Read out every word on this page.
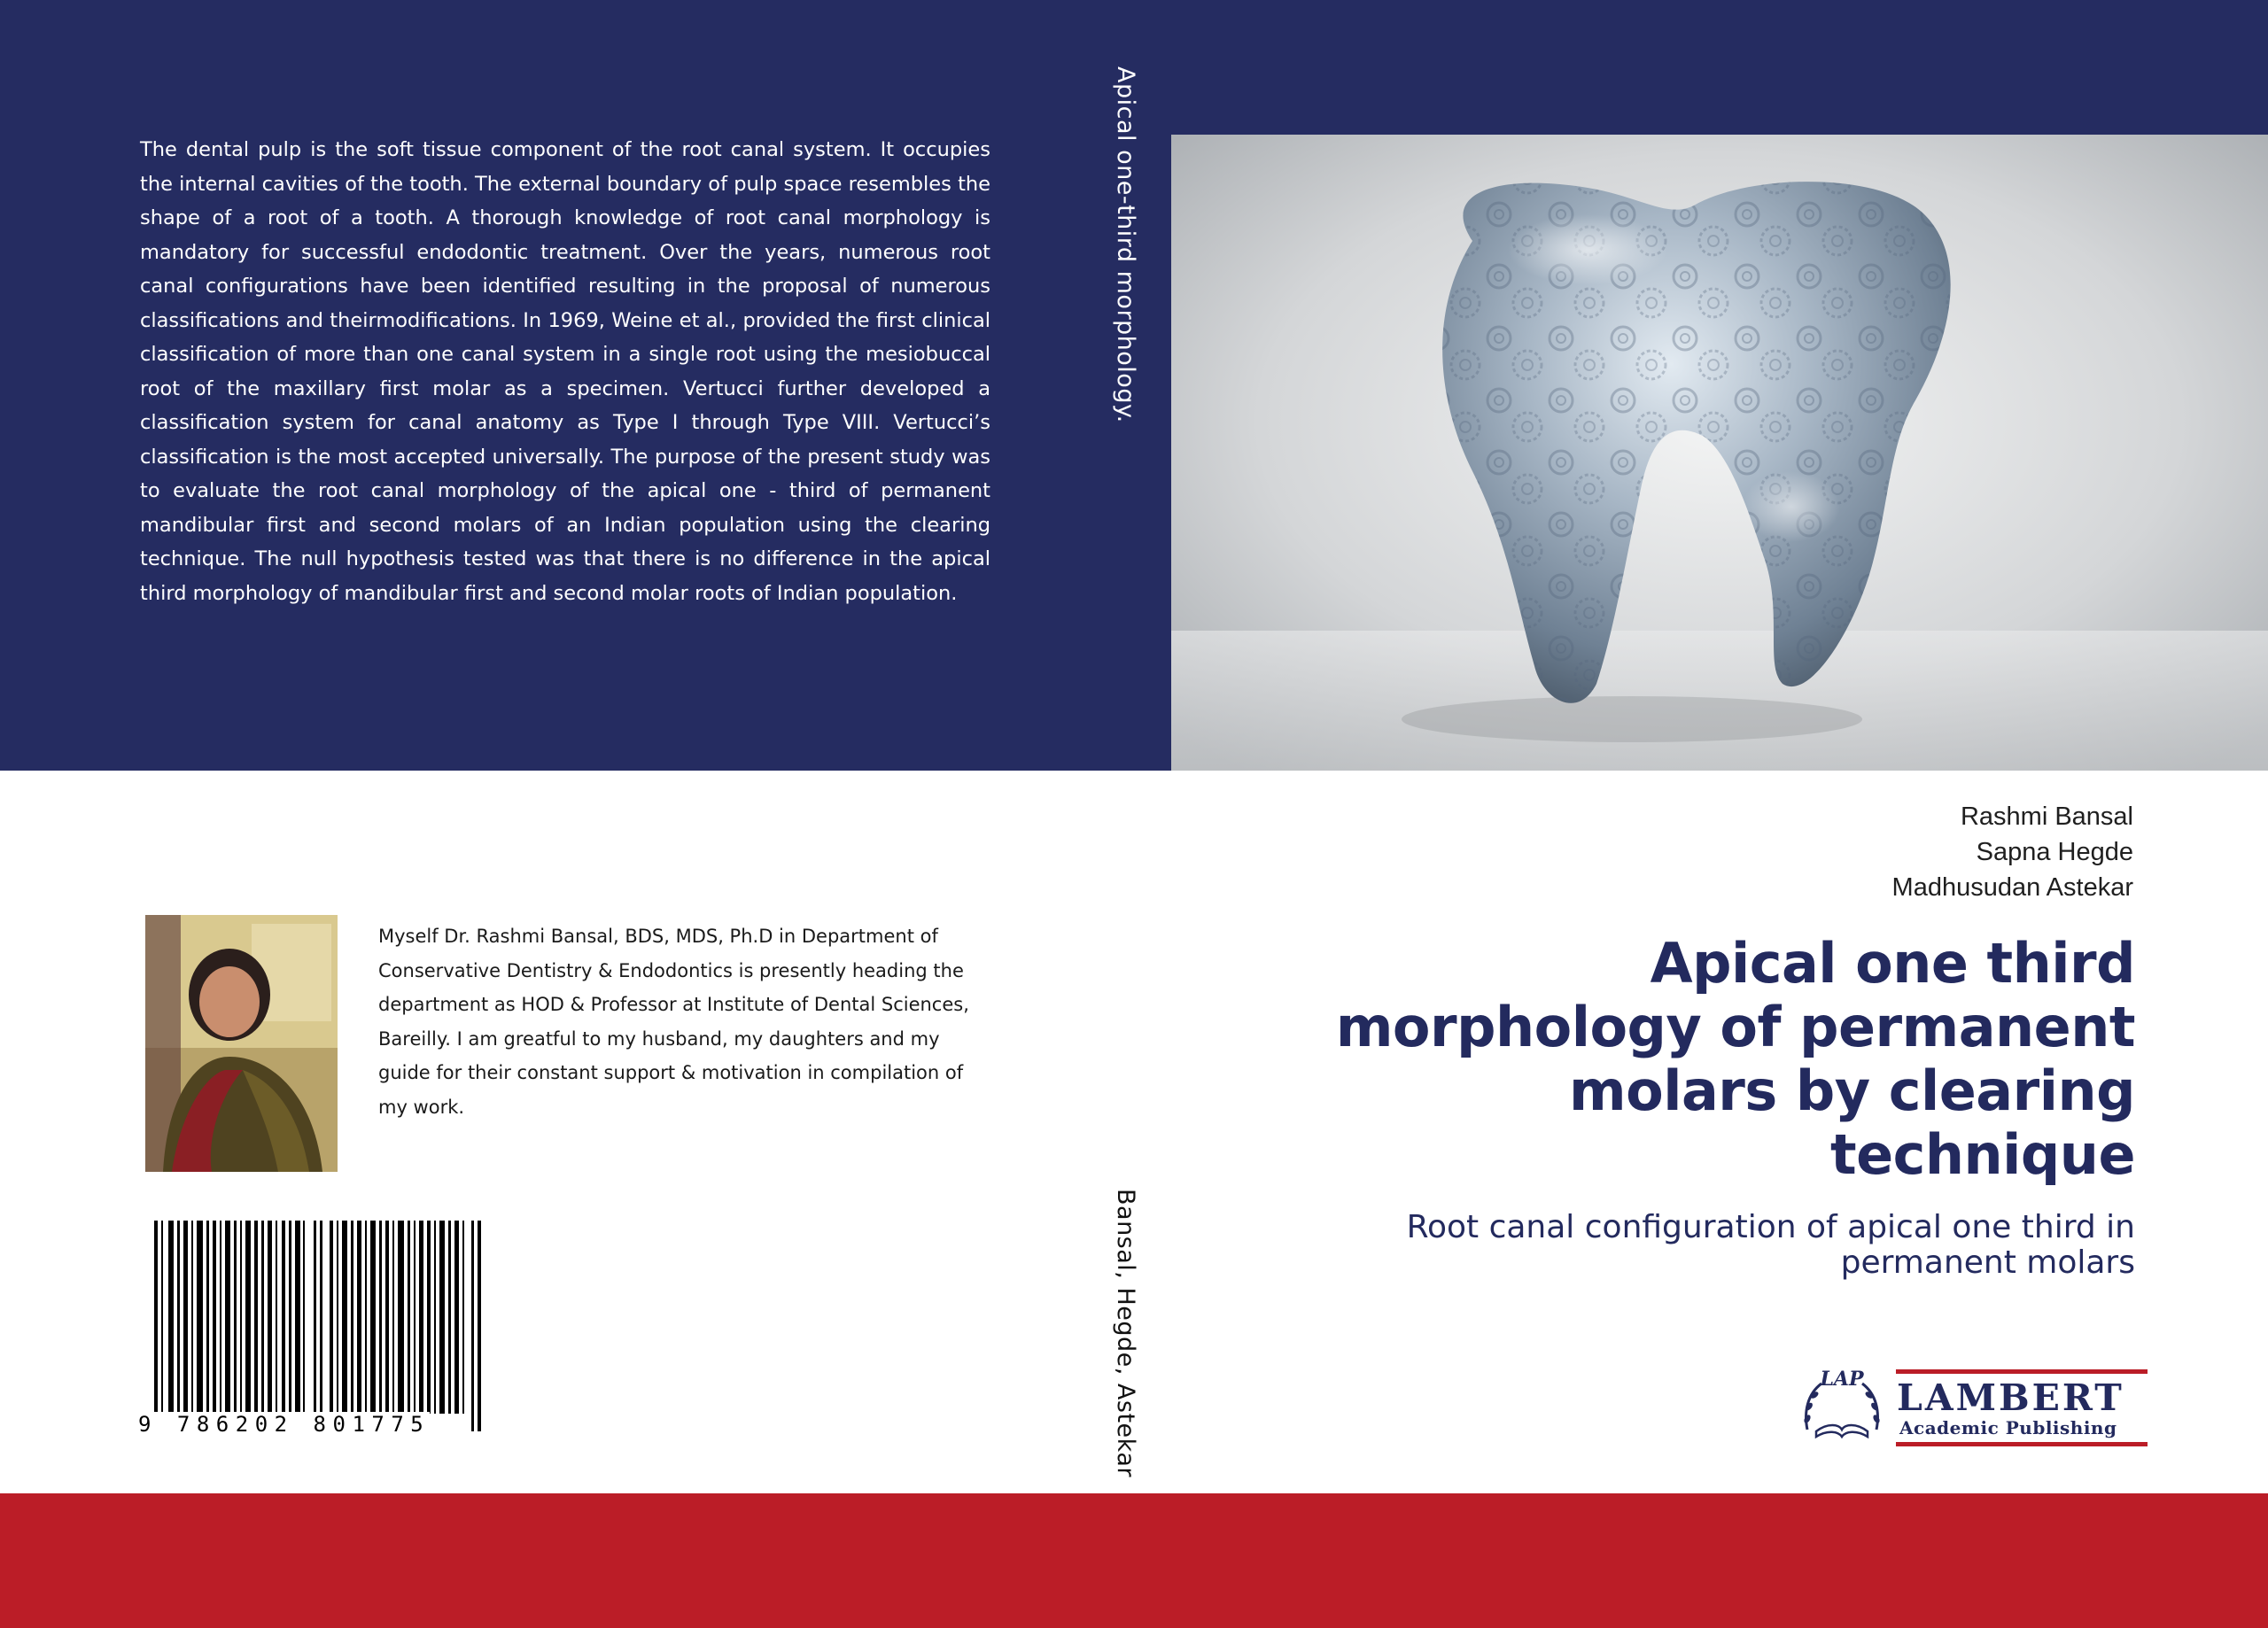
The dental pulp is the soft tissue component of the root canal system. It occupies the internal cavities of the tooth. The external boundary of pulp space resembles the shape of a root of a tooth. A thorough knowledge of root canal morphology is mandatory for successful endodontic treatment. Over the years, numerous root canal configurations have been identified resulting in the proposal of numerous classifications and theirmodifications. In 1969, Weine et al., provided the first clinical classification of more than one canal system in a single root using the mesiobuccal root of the maxillary first molar as a specimen. Vertucci further developed a classification system for canal anatomy as Type I through Type VIII. Vertucci’s classification is the most accepted universally. The purpose of the present study was to evaluate the root canal morphology of the apical one - third of permanent mandibular first and second molars of an Indian population using the clearing technique. The null hypothesis tested was that there is no difference in the apical third morphology of mandibular first and second molar roots of Indian population.
Apical one-third morphology.
Bansal, Hegde, Astekar
Rashmi Bansal
Sapna Hegde
Madhusudan Astekar
Apical one third
morphology of permanent
molars by clearing
technique
Root canal configuration of apical one third in
permanent molars
Myself Dr. Rashmi Bansal, BDS, MDS, Ph.D in Department of Conservative Dentistry & Endodontics is presently heading the department as HOD & Professor at Institute of Dental Sciences, Bareilly. I am greatful to my husband, my daughters and my guide for their constant support & motivation in compilation of my work.
9 786202 801775
LAP LAMBERT
Academic Publishing
